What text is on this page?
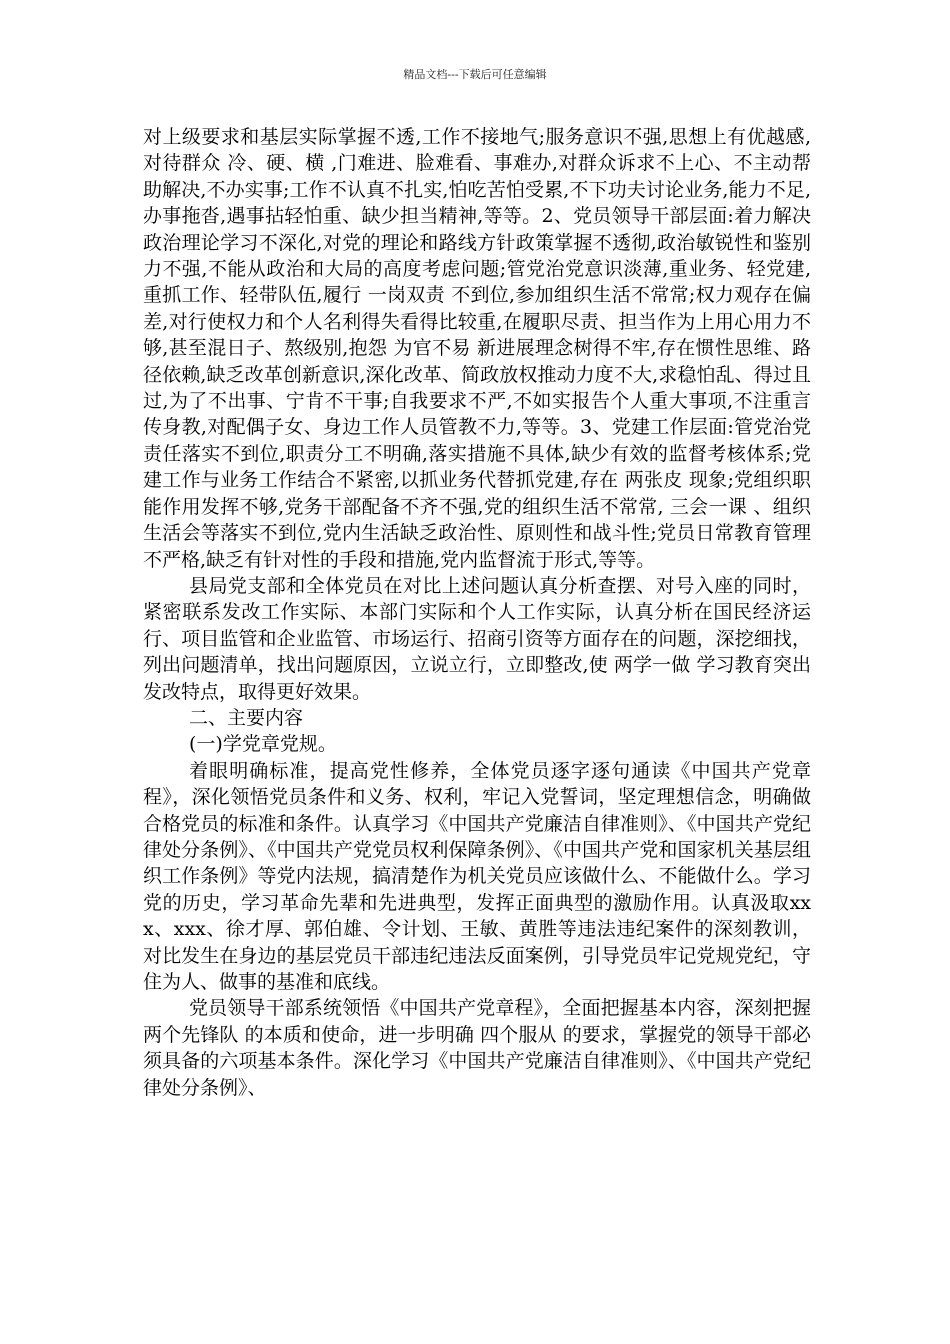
精品文档---下载后可任意编辑

对上级要求和基层实际掌握不透,工作不接地气;服务意识不强,思想上有优越感,对待群众 冷、硬、横 ,门难进、脸难看、事难办,对群众诉求不上心、不主动帮助解决,不办实事;工作不认真不扎实,怕吃苦怕受累,不下功夫讨论业务,能力不足,办事拖沓,遇事拈轻怕重、缺少担当精神,等等。2、党员领导干部层面:着力解决政治理论学习不深化,对党的理论和路线方针政策掌握不透彻,政治敏锐性和鉴别力不强,不能从政治和大局的高度考虑问题;管党治党意识淡薄,重业务、轻党建,重抓工作、轻带队伍,履行 一岗双责 不到位,参加组织生活不常常;权力观存在偏差,对行使权力和个人名利得失看得比较重,在履职尽责、担当作为上用心用力不够,甚至混日子、熬级别,抱怨 为官不易 新进展理念树得不牢,存在惯性思维、路径依赖,缺乏改革创新意识,深化改革、简政放权推动力度不大,求稳怕乱、得过且过,为了不出事、宁肯不干事;自我要求不严,不如实报告个人重大事项,不注重言传身教,对配偶子女、身边工作人员管教不力,等等。3、党建工作层面:管党治党责任落实不到位,职责分工不明确,落实措施不具体,缺少有效的监督考核体系;党建工作与业务工作结合不紧密,以抓业务代替抓党建,存在 两张皮 现象;党组织职能作用发挥不够,党务干部配备不齐不强,党的组织生活不常常, 三会一课 、组织生活会等落实不到位,党内生活缺乏政治性、原则性和战斗性;党员日常教育管理不严格,缺乏有针对性的手段和措施,党内监督流于形式,等等。

县局党支部和全体党员在对比上述问题认真分析查摆、对号入座的同时，紧密联系发改工作实际、本部门实际和个人工作实际，认真分析在国民经济运行、项目监管和企业监管、市场运行、招商引资等方面存在的问题，深挖细找，列出问题清单，找出问题原因，立说立行，立即整改,使 两学一做 学习教育突出发改特点，取得更好效果。

二、主要内容

(一)学党章党规。

着眼明确标准，提高党性修养，全体党员逐字逐句通读《中国共产党章程》，深化领悟党员条件和义务、权利，牢记入党誓词，坚定理想信念，明确做合格党员的标准和条件。认真学习《中国共产党廉洁自律准则》、《中国共产党纪律处分条例》、《中国共产党党员权利保障条例》、《中国共产党和国家机关基层组织工作条例》等党内法规，搞清楚作为机关党员应该做什么、不能做什么。学习党的历史，学习革命先辈和先进典型，发挥正面典型的激励作用。认真汲取xxx、xxx、徐才厚、郭伯雄、令计划、王敏、黄胜等违法违纪案件的深刻教训，对比发生在身边的基层党员干部违纪违法反面案例，引导党员牢记党规党纪，守住为人、做事的基准和底线。

党员领导干部系统领悟《中国共产党章程》，全面把握基本内容，深刻把握 两个先锋队 的本质和使命，进一步明确 四个服从 的要求，掌握党的领导干部必须具备的六项基本条件。深化学习《中国共产党廉洁自律准则》、《中国共产党纪律处分条例》、
